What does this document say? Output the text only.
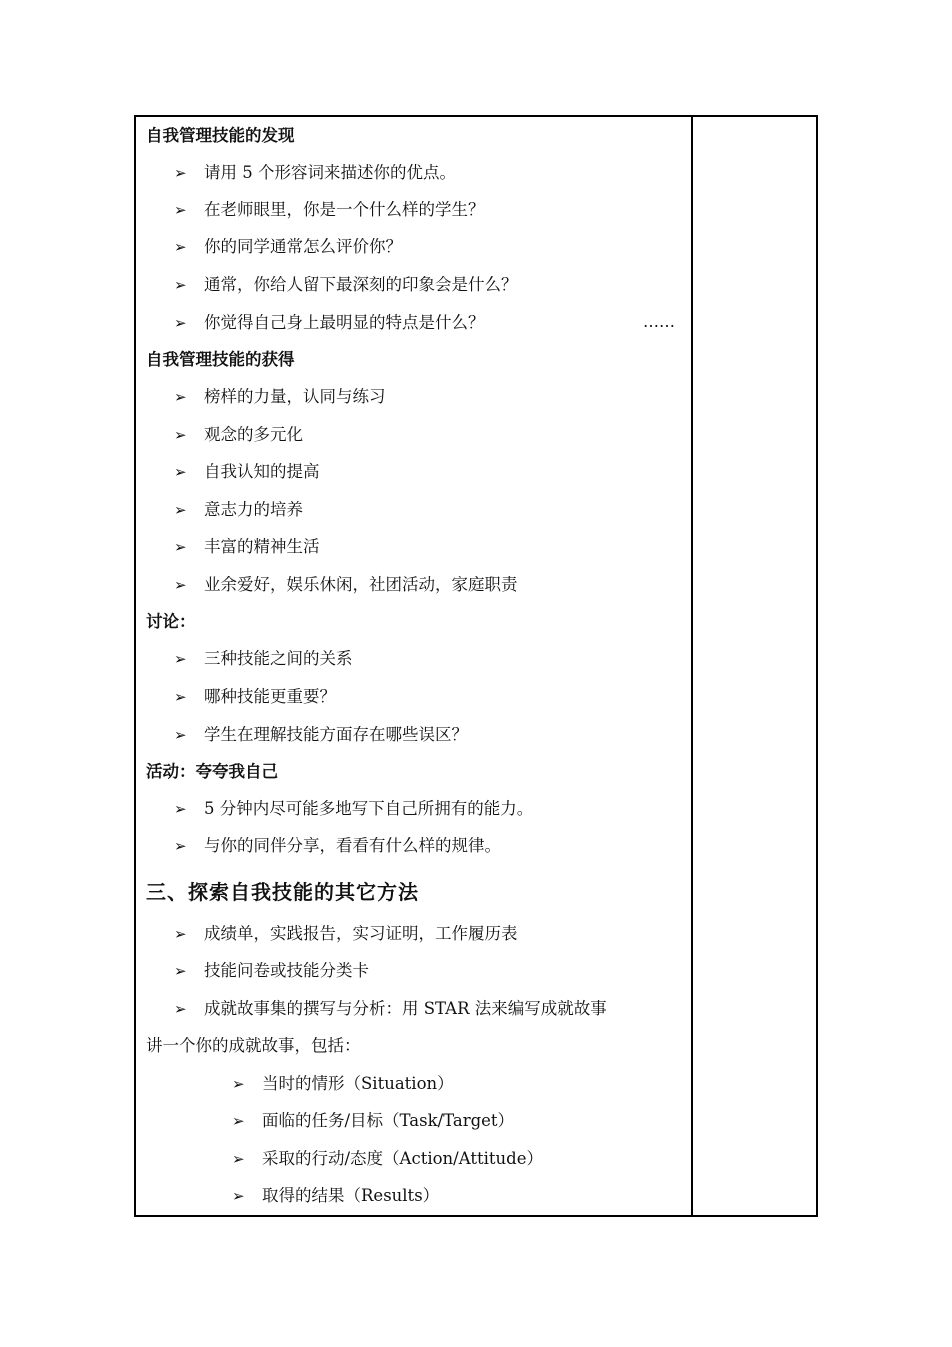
自我管理技能的发现
➢ 请用 5 个形容词来描述你的优点。
➢ 在老师眼里，你是一个什么样的学生？
➢ 你的同学通常怎么评价你？
➢ 通常，你给人留下最深刻的印象会是什么？
➢ 你觉得自己身上最明显的特点是什么？	……
自我管理技能的获得
➢ 榜样的力量，认同与练习
➢ 观念的多元化
➢ 自我认知的提高
➢ 意志力的培养
➢ 丰富的精神生活
➢ 业余爱好，娱乐休闲，社团活动，家庭职责
讨论：
➢ 三种技能之间的关系
➢ 哪种技能更重要？
➢ 学生在理解技能方面存在哪些误区？
活动：夸夸我自己
➢ 5 分钟内尽可能多地写下自己所拥有的能力。
➢ 与你的同伴分享，看看有什么样的规律。
三、探索自我技能的其它方法
➢ 成绩单，实践报告，实习证明，工作履历表
➢ 技能问卷或技能分类卡
➢ 成就故事集的撰写与分析：用 STAR 法来编写成就故事
讲一个你的成就故事，包括：
➢ 当时的情形（Situation）
➢ 面临的任务/目标（Task/Target）
➢ 采取的行动/态度（Action/Attitude）
➢ 取得的结果（Results）
